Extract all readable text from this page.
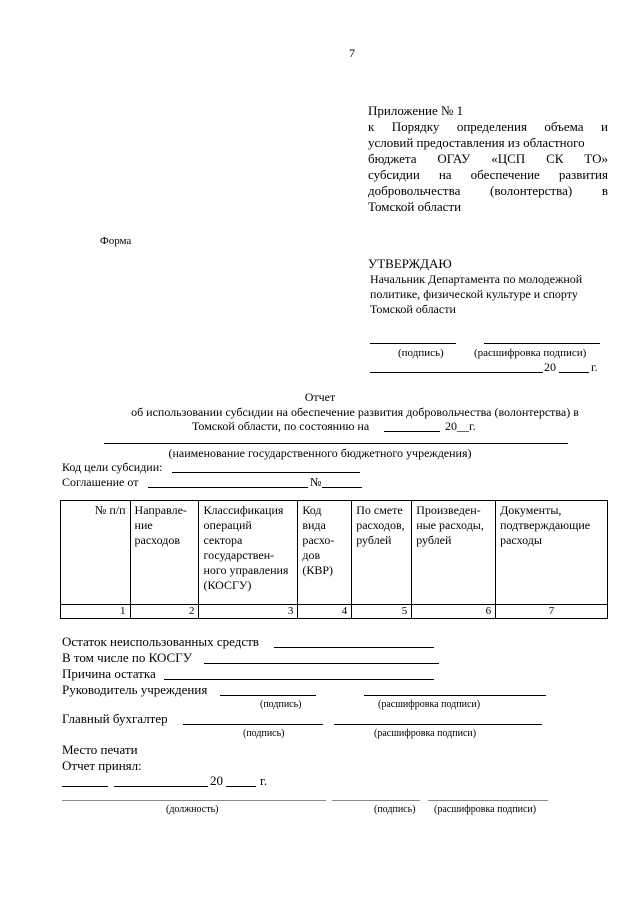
7
Приложение № 1
к Порядку определения объема и
условий предоставления из областного
бюджета ОГАУ «ЦСП СК ТО»
субсидии на обеспечение развития
добровольчества (волонтерства) в
Томской области
Форма
УТВЕРЖДАЮ
Начальник Департамента по молодежной
политике, физической культуре и спорту
Томской области
(подпись)	(расшифровка подписи)
20	г.
Отчет
об использовании субсидии на обеспечение развития добровольчества (волонтерства) в
Томской области, по состоянию на	20__г.
(наименование государственного бюджетного учреждения)
Код цели субсидии:
Соглашение от	№
№ п/п	Направле-ние расходов	Классификация операций сектора государствен-ного управления (КОСГУ)	Код вида расхо-дов (КВР)	По смете расходов, рублей	Произведен-ные расходы, рублей	Документы, подтверждающие расходы
1	2	3	4	5	6	7
Остаток неиспользованных средств
В том числе по КОСГУ
Причина остатка
Руководитель учреждения
(подпись)	(расшифровка подписи)
Главный бухгалтер
(подпись)	(расшифровка подписи)
Место печати
Отчет принял:
20	г.
(должность)	(подпись) (расшифровка подписи)
